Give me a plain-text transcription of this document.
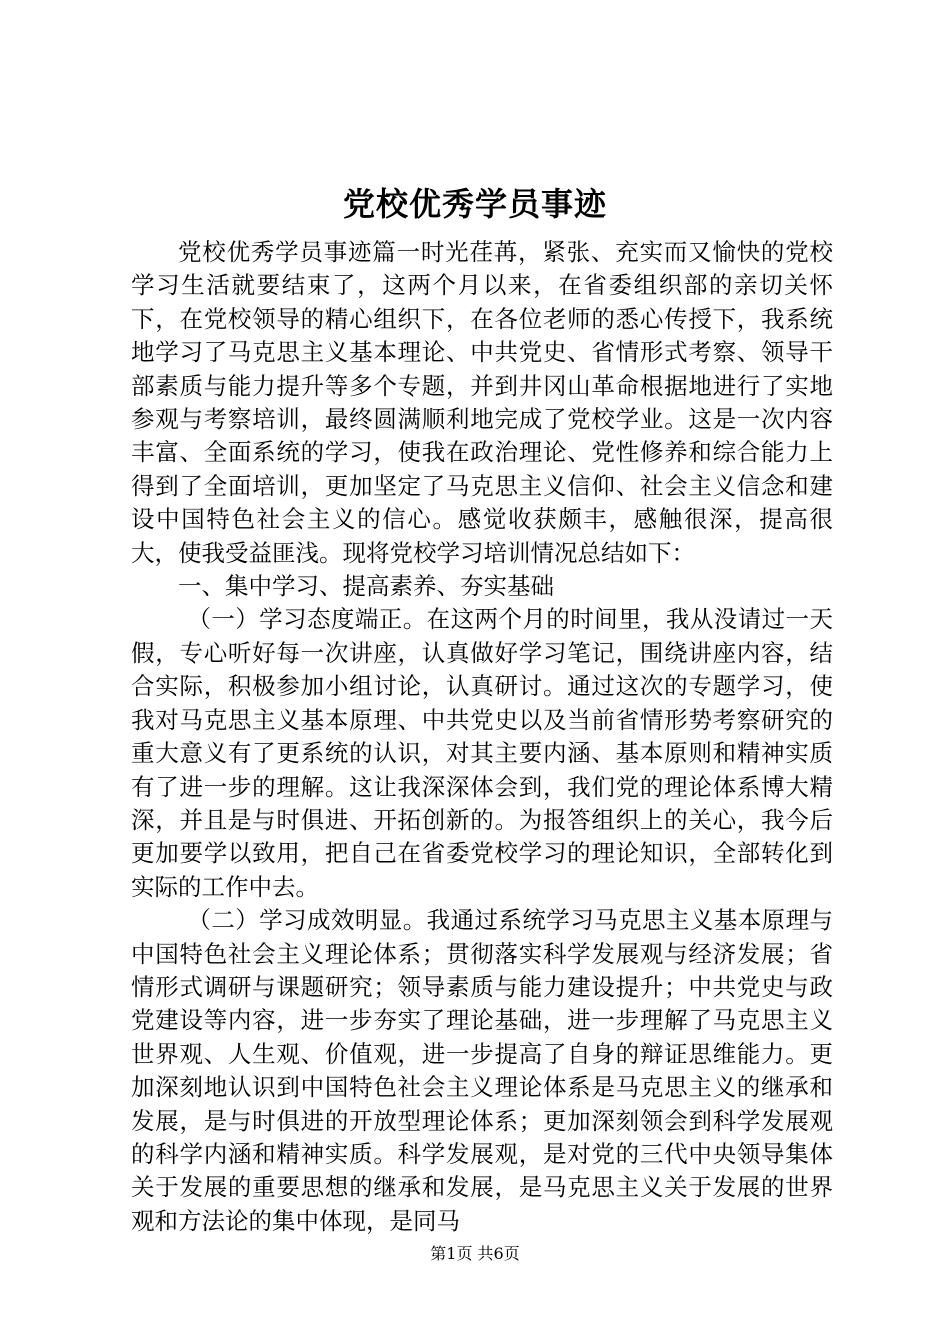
党校优秀学员事迹

党校优秀学员事迹篇一时光荏苒，紧张、充实而又愉快的党校学习生活就要结束了，这两个月以来，在省委组织部的亲切关怀下，在党校领导的精心组织下，在各位老师的悉心传授下，我系统地学习了马克思主义基本理论、中共党史、省情形式考察、领导干部素质与能力提升等多个专题，并到井冈山革命根据地进行了实地参观与考察培训，最终圆满顺利地完成了党校学业。这是一次内容丰富、全面系统的学习，使我在政治理论、党性修养和综合能力上得到了全面培训，更加坚定了马克思主义信仰、社会主义信念和建设中国特色社会主义的信心。感觉收获颇丰，感触很深，提高很大，使我受益匪浅。现将党校学习培训情况总结如下：

一、集中学习、提高素养、夯实基础

（一）学习态度端正。在这两个月的时间里，我从没请过一天假，专心听好每一次讲座，认真做好学习笔记，围绕讲座内容，结合实际，积极参加小组讨论，认真研讨。通过这次的专题学习，使我对马克思主义基本原理、中共党史以及当前省情形势考察研究的重大意义有了更系统的认识，对其主要内涵、基本原则和精神实质有了进一步的理解。这让我深深体会到，我们党的理论体系博大精深，并且是与时俱进、开拓创新的。为报答组织上的关心，我今后更加要学以致用，把自己在省委党校学习的理论知识，全部转化到实际的工作中去。

（二）学习成效明显。我通过系统学习马克思主义基本原理与中国特色社会主义理论体系；贯彻落实科学发展观与经济发展；省情形式调研与课题研究；领导素质与能力建设提升；中共党史与政党建设等内容，进一步夯实了理论基础，进一步理解了马克思主义世界观、人生观、价值观，进一步提高了自身的辩证思维能力。更加深刻地认识到中国特色社会主义理论体系是马克思主义的继承和发展，是与时俱进的开放型理论体系；更加深刻领会到科学发展观的科学内涵和精神实质。科学发展观，是对党的三代中央领导集体关于发展的重要思想的继承和发展，是马克思主义关于发展的世界观和方法论的集中体现，是同马

第1页 共6页
